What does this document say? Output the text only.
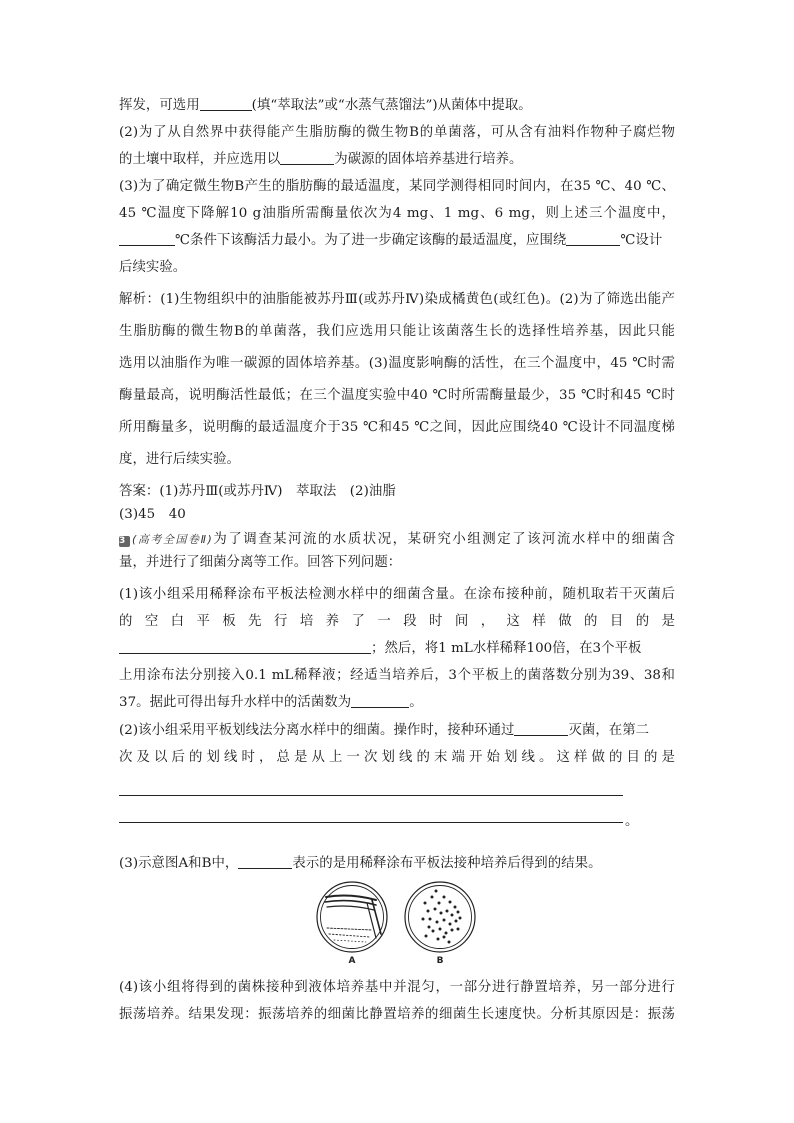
挥发，可选用	(填“萃取法”或“水蒸气蒸馏法”)从菌体中提取。
(2)为了从自然界中获得能产生脂肪酶的微生物B的单菌落，可从含有油料作物种子腐烂物
的土壤中取样，并应选用以	为碳源的固体培养基进行培养。
(3)为了确定微生物B产生的脂肪酶的最适温度，某同学测得相同时间内，在35 ℃、40 ℃、
45 ℃温度下降解10 g油脂所需酶量依次为4 mg、1 mg、6 mg，则上述三个温度中，
℃条件下该酶活力最小。为了进一步确定该酶的最适温度，应围绕	℃设计
后续实验。
解析：(1)生物组织中的油脂能被苏丹Ⅲ(或苏丹Ⅳ)染成橘黄色(或红色)。(2)为了筛选出能产
生脂肪酶的微生物B的单菌落，我们应选用只能让该菌落生长的选择性培养基，因此只能
选用以油脂作为唯一碳源的固体培养基。(3)温度影响酶的活性，在三个温度中，45 ℃时需
酶量最高，说明酶活性最低；在三个温度实验中40 ℃时所需酶量最少，35 ℃时和45 ℃时
所用酶量多，说明酶的最适温度介于35 ℃和45 ℃之间，因此应围绕40 ℃设计不同温度梯
度，进行后续实验。
答案：(1)苏丹Ⅲ(或苏丹Ⅳ)　萃取法　(2)油脂
(3)45　40
3 (高考全国卷Ⅱ)为了调查某河流的水质状况，某研究小组测定了该河流水样中的细菌含
量，并进行了细菌分离等工作。回答下列问题：
(1)该小组采用稀释涂布平板法检测水样中的细菌含量。在涂布接种前，随机取若干灭菌后
的空白平板先行培养了一段时间，这样做的目的是
；然后，将1 mL水样稀释100倍，在3个平板
上用涂布法分别接入0.1 mL稀释液；经适当培养后，3个平板上的菌落数分别为39、38和
37。据此可得出每升水样中的活菌数为	。
(2)该小组采用平板划线法分离水样中的细菌。操作时，接种环通过	灭菌，在第二
次及以后的划线时，总是从上一次划线的末端开始划线。这样做的目的是
。
(3)示意图A和B中，	表示的是用稀释涂布平板法接种培养后得到的结果。
A	B
(4)该小组将得到的菌株接种到液体培养基中并混匀，一部分进行静置培养，另一部分进行
振荡培养。结果发现：振荡培养的细菌比静置培养的细菌生长速度快。分析其原因是：振荡
